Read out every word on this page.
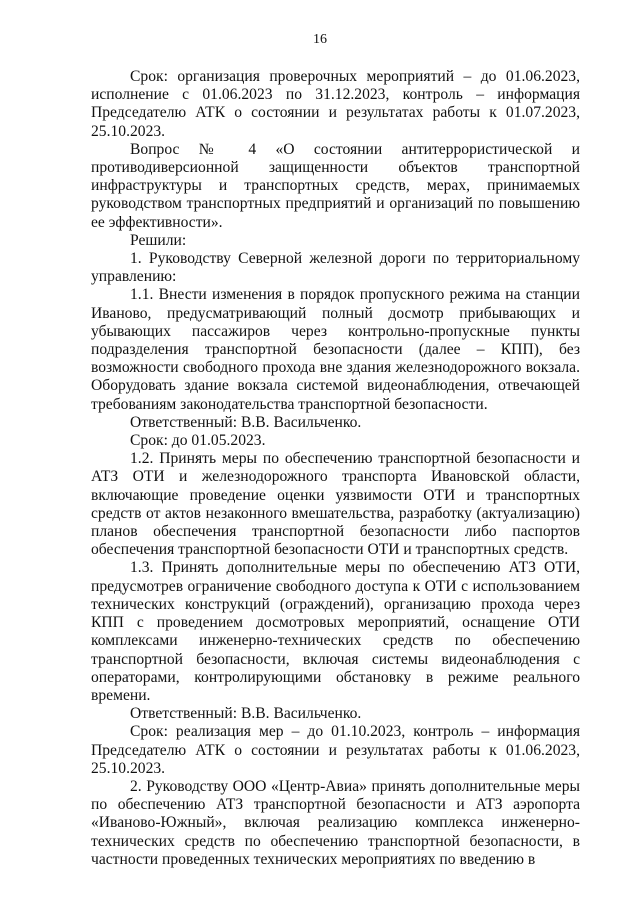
16

Срок: организация проверочных мероприятий – до 01.06.2023, исполнение с 01.06.2023 по 31.12.2023, контроль – информация Председателю АТК о состоянии и результатах работы к 01.07.2023, 25.10.2023.

Вопрос № 4 «О состоянии антитеррористической и противодиверсионной защищенности объектов транспортной инфраструктуры и транспортных средств, мерах, принимаемых руководством транспортных предприятий и организаций по повышению ее эффективности».

Решили:

1. Руководству Северной железной дороги по территориальному управлению:

1.1. Внести изменения в порядок пропускного режима на станции Иваново, предусматривающий полный досмотр прибывающих и убывающих пассажиров через контрольно-пропускные пункты подразделения транспортной безопасности (далее – КПП), без возможности свободного прохода вне здания железнодорожного вокзала. Оборудовать здание вокзала системой видеонаблюдения, отвечающей требованиям законодательства транспортной безопасности.

Ответственный: В.В. Васильченко.

Срок: до 01.05.2023.

1.2. Принять меры по обеспечению транспортной безопасности и АТЗ ОТИ и железнодорожного транспорта Ивановской области, включающие проведение оценки уязвимости ОТИ и транспортных средств от актов незаконного вмешательства, разработку (актуализацию) планов обеспечения транспортной безопасности либо паспортов обеспечения транспортной безопасности ОТИ и транспортных средств.

1.3. Принять дополнительные меры по обеспечению АТЗ ОТИ, предусмотрев ограничение свободного доступа к ОТИ с использованием технических конструкций (ограждений), организацию прохода через КПП с проведением досмотровых мероприятий, оснащение ОТИ комплексами инженерно-технических средств по обеспечению транспортной безопасности, включая системы видеонаблюдения с операторами, контролирующими обстановку в режиме реального времени.

Ответственный: В.В. Васильченко.

Срок: реализация мер – до 01.10.2023, контроль – информация Председателю АТК о состоянии и результатах работы к 01.06.2023, 25.10.2023.

2. Руководству ООО «Центр-Авиа» принять дополнительные меры по обеспечению АТЗ транспортной безопасности и АТЗ аэропорта «Иваново-Южный», включая реализацию комплекса инженерно-технических средств по обеспечению транспортной безопасности, в частности проведенных технических мероприятиях по введению в
